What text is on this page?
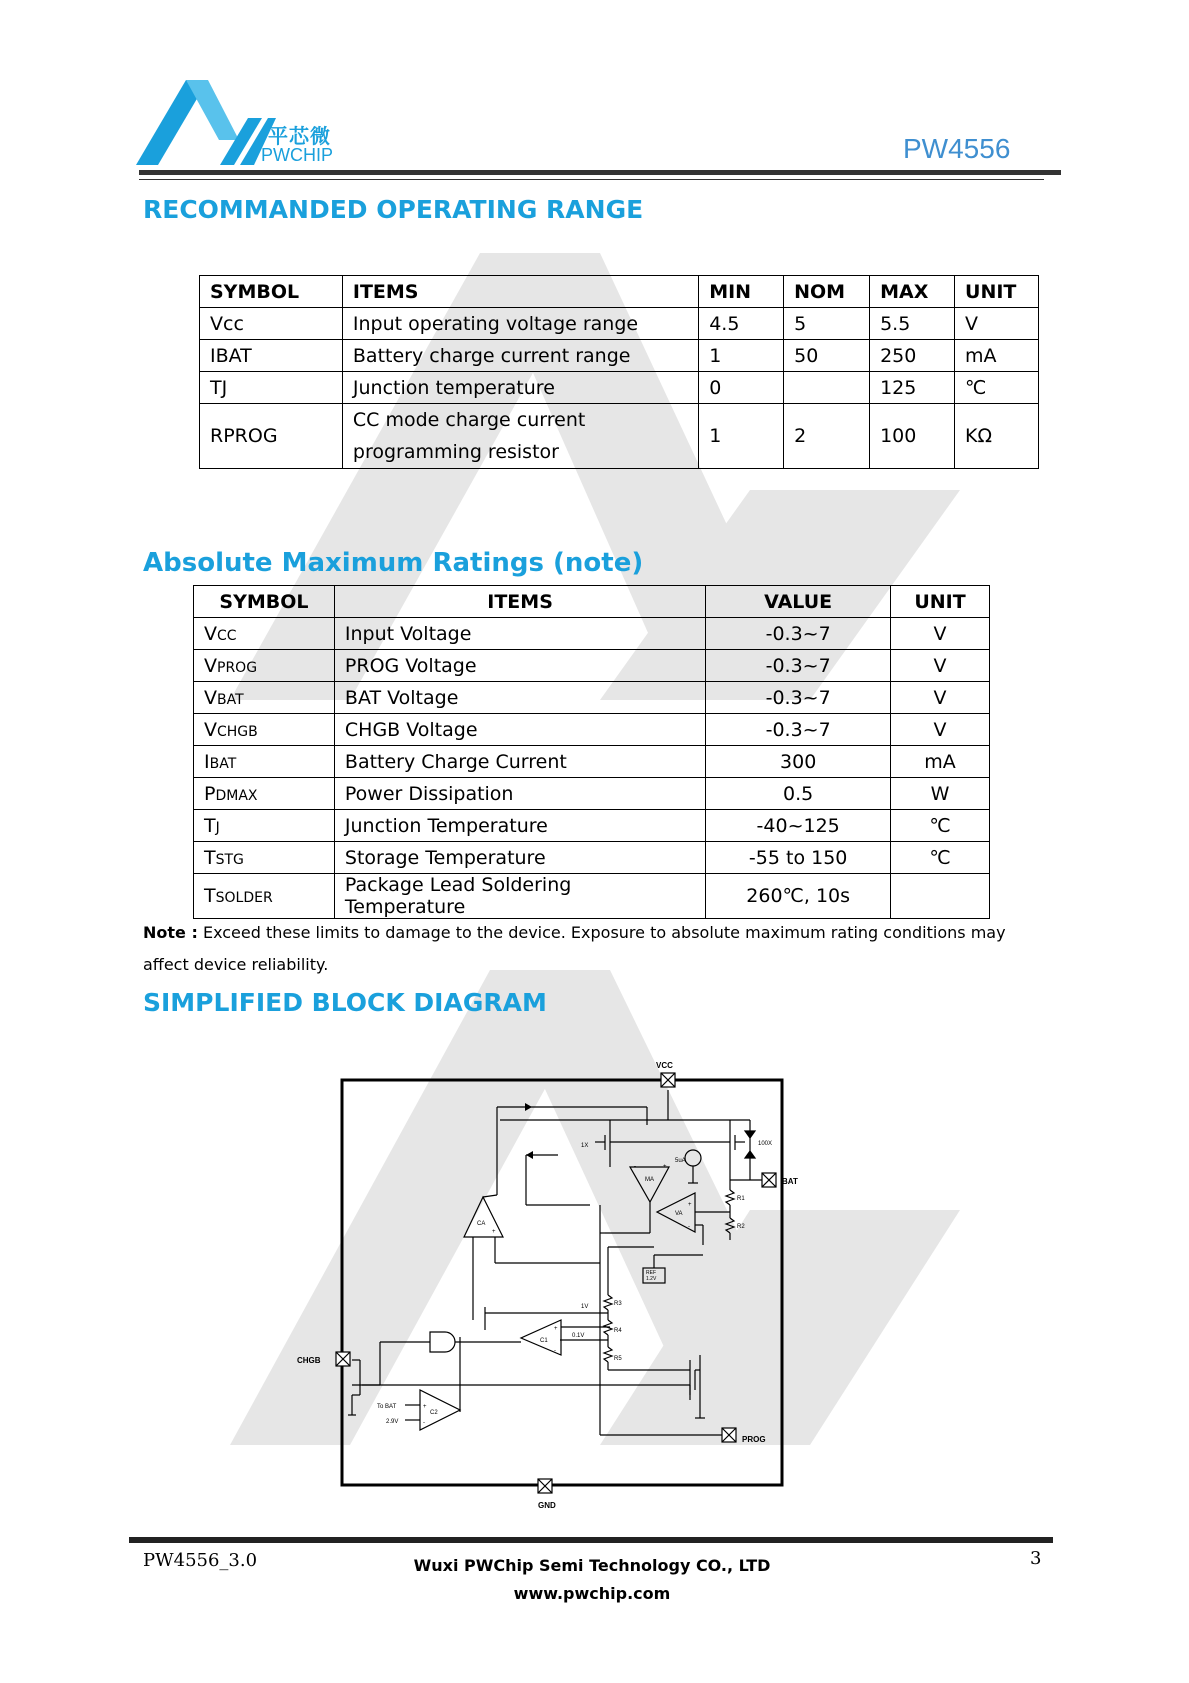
平芯微
PWCHIP	PW4556
RECOMMANDED OPERATING RANGE
SYMBOL	ITEMS	MIN	NOM	MAX	UNIT
Vcc	Input operating voltage range	4.5	5	5.5	V
IBAT	Battery charge current range	1	50	250	mA
TJ	Junction temperature	0		125	℃
RPROG	CC mode charge current
programming resistor	1	2	100	KΩ
Absolute Maximum Ratings (note)
SYMBOL	ITEMS	VALUE	UNIT
VCC	Input Voltage	-0.3~7	V
VPROG	PROG Voltage	-0.3~7	V
VBAT	BAT Voltage	-0.3~7	V
VCHGB	CHGB Voltage	-0.3~7	V
IBAT	Battery Charge Current	300	mA
PDMAX	Power Dissipation	0.5	W
TJ	Junction Temperature	-40~125	℃
TSTG	Storage Temperature	-55 to 150	℃
TSOLDER	Package Lead Soldering Temperature	260℃, 10s	
Note : Exceed these limits to damage to the device. Exposure to absolute maximum rating conditions may affect device reliability.
SIMPLIFIED BLOCK DIAGRAM
VCC
BAT
CHGB
PROG
GND
1X	100X
5uA
MA
VA
CA
C1
C2
R1
R2
R3
R4
R5
REF
1.2V
1V
0.1V
To BAT
2.9V
+
-
+
-
+
+
-
+
-
PW4556_3.0	Wuxi PWChip Semi Technology CO., LTD
www.pwchip.com
3
